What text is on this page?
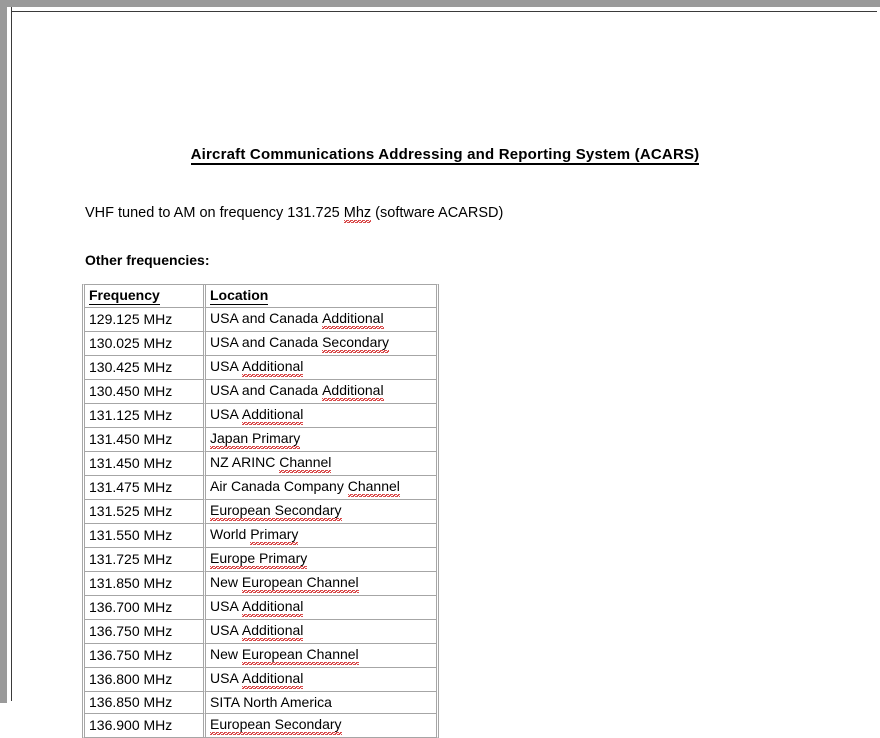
Aircraft Communications Addressing and Reporting System (ACARS)
VHF tuned to AM on frequency 131.725 Mhz (software ACARSD)
Other frequencies:
Frequency	Location
129.125 MHz	USA and Canada Additional
130.025 MHz	USA and Canada Secondary
130.425 MHz	USA Additional
130.450 MHz	USA and Canada Additional
131.125 MHz	USA Additional
131.450 MHz	Japan Primary
131.450 MHz	NZ ARINC Channel
131.475 MHz	Air Canada Company Channel
131.525 MHz	European Secondary
131.550 MHz	World Primary
131.725 MHz	Europe Primary
131.850 MHz	New European Channel
136.700 MHz	USA Additional
136.750 MHz	USA Additional
136.750 MHz	New European Channel
136.800 MHz	USA Additional
136.850 MHz	SITA North America
136.900 MHz	European Secondary
